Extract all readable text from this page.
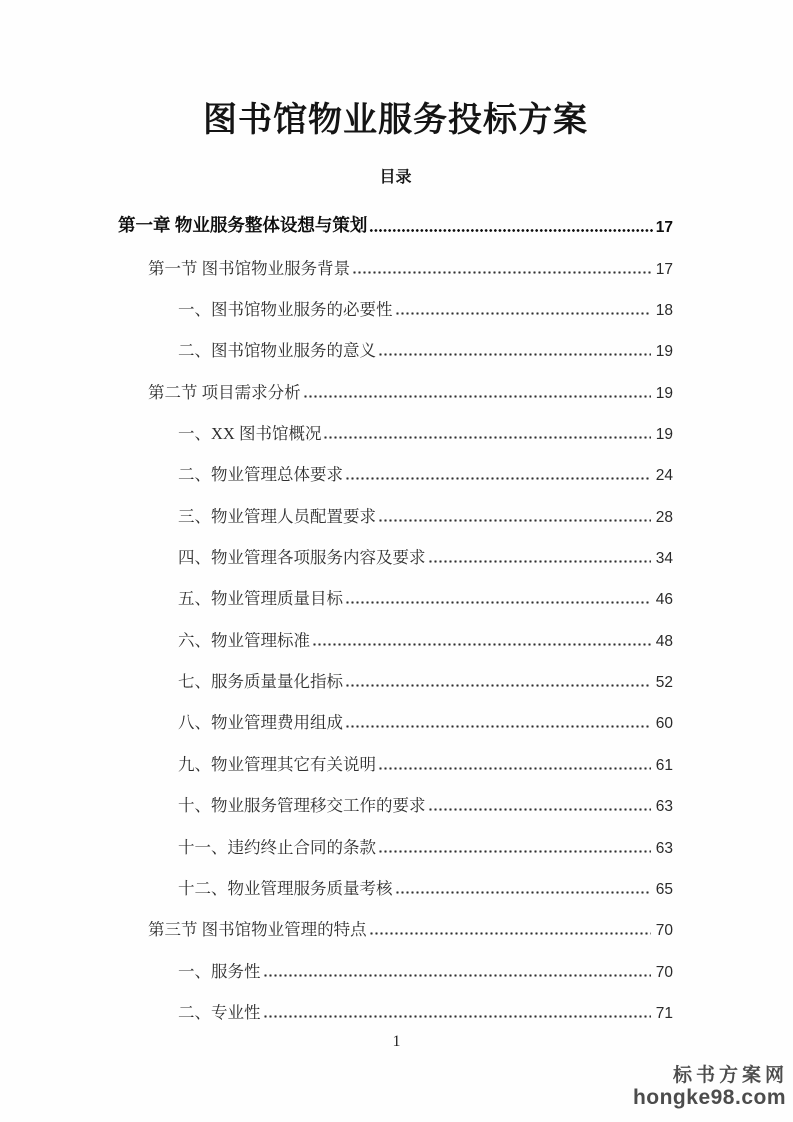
图书馆物业服务投标方案
目录
第一章 物业服务整体设想与策划	17
第一节 图书馆物业服务背景	17
一、图书馆物业服务的必要性	18
二、图书馆物业服务的意义	19
第二节 项目需求分析	19
一、XX 图书馆概况	19
二、物业管理总体要求	24
三、物业管理人员配置要求	28
四、物业管理各项服务内容及要求	34
五、物业管理质量目标	46
六、物业管理标准	48
七、服务质量量化指标	52
八、物业管理费用组成	60
九、物业管理其它有关说明	61
十、物业服务管理移交工作的要求	63
十一、违约终止合同的条款	63
十二、物业管理服务质量考核	65
第三节 图书馆物业管理的特点	70
一、服务性	70
二、专业性	71
1
标书方案网
hongke98.com
